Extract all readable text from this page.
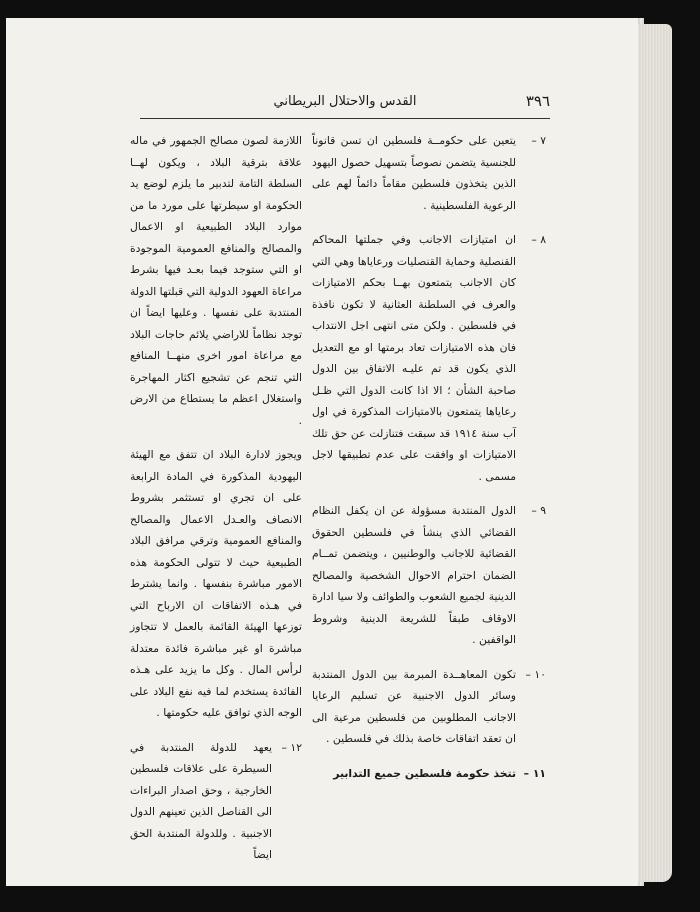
٣٩٦
القدس والاحتلال البريطاني
٧ –
يتعين على حكومــة فلسطين ان تسن قانوناً للجنسية يتضمن نصوصاً بتسهيل حصول اليهود الذين يتخذون فلسطين مقاماً دائماً لهم على الرعوية الفلسطينية .
٨ –
ان امتيازات الاجانب وفي جملتها المحاكم القنصلية وحماية القنصليات ورعاياها وهي التي كان الاجانب يتمتعون بهــا بحكم الامتيازات والعرف في السلطنة العثانية لا تكون نافذة في فلسطين . ولكن متى انتهى اجل الانتداب فان هذه الامتيازات تعاد برمتها او مع التعديل الذي يكون قد تم عليـه الاتفاق بين الدول صاحبة الشأن ؛ الا اذا كانت الدول التي ظـل رعاياها يتمتعون بالامتيازات المذكورة في اول آب سنة ١٩١٤ قد سبقت فتنازلت عن حق تلك الامتيازات او وافقت على عدم تطبيقها لاجل مسمى .
٩ –
الدول المنتدبة مسؤولة عن ان يكفل النظام القضائي الذي ينشأ في فلسطين الحقوق القضائية للاجانب والوطنيين ، ويتضمن تمــام الضمان احترام الاحوال الشخصية والمصالح الدينية لجميع الشعوب والطوائف ولا سيا ادارة الاوقاف طبقاً للشريعة الدينية وشروط الواقفين .
١٠ –
تكون المعاهــدة المبرمة بين الدول المنتدبة وسائر الدول الاجنبية عن تسليم الرعايا الاجانب المطلوبين من فلسطين مرعية الى ان تعقد اتفاقات خاصة بذلك في فلسطين .
١١ –
تتخذ حكومة فلسطين جميع التدابير
اللازمة لصون مصالح الجمهور في ماله علاقة بترقية البلاد ، ويكون لهــا السلطة التامة لتدبير ما يلزم لوضع يد الحكومة او سيطرتها على مورد ما من موارد البلاد الطبيعية او الاعمال والمصالح والمنافع العمومية الموجودة او التي ستوجد فيما بعـد فيها بشرط مراعاة العهود الدولية التي قبلتها الدولة المنتدبة على نفسها . وعليها ايضاً ان توجد نظاماً للاراضي يلائم حاجات البلاد مع مراعاة امور اخرى منهــا المنافع التي تنجم عن تشجيع اكثار المهاجرة واستغلال اعظم ما يستطاع من الارض .
ويجوز لادارة البلاد ان تتفق مع الهيئة اليهودية المذكورة في المادة الرابعة على ان تجري او تستثمر بشروط الانصاف والعـدل الاعمال والمصالح والمنافع العمومية وترقي مرافق البلاد الطبيعية حيث لا تتولى الحكومة هذه الامور مباشرة بنفسها . وانما يشترط في هـذه الاتفاقات ان الارباح التي توزعها الهيئة القائمة بالعمل لا تتجاوز مباشرة او غير مباشرة فائدة معتدلة لرأس المال . وكل ما يزيد على هـذه الفائدة يستخدم لما فيه نفع البلاد على الوجه الذي توافق عليه حكومتها .
١٢ –
يعهد للدولة المنتدبة في السيطرة على علاقات فلسطين الخارجية ، وحق اصدار البراءات الى القناصل الذين تعينهم الدول الاجنبية . وللدولة المنتدبة الحق ايضاً
